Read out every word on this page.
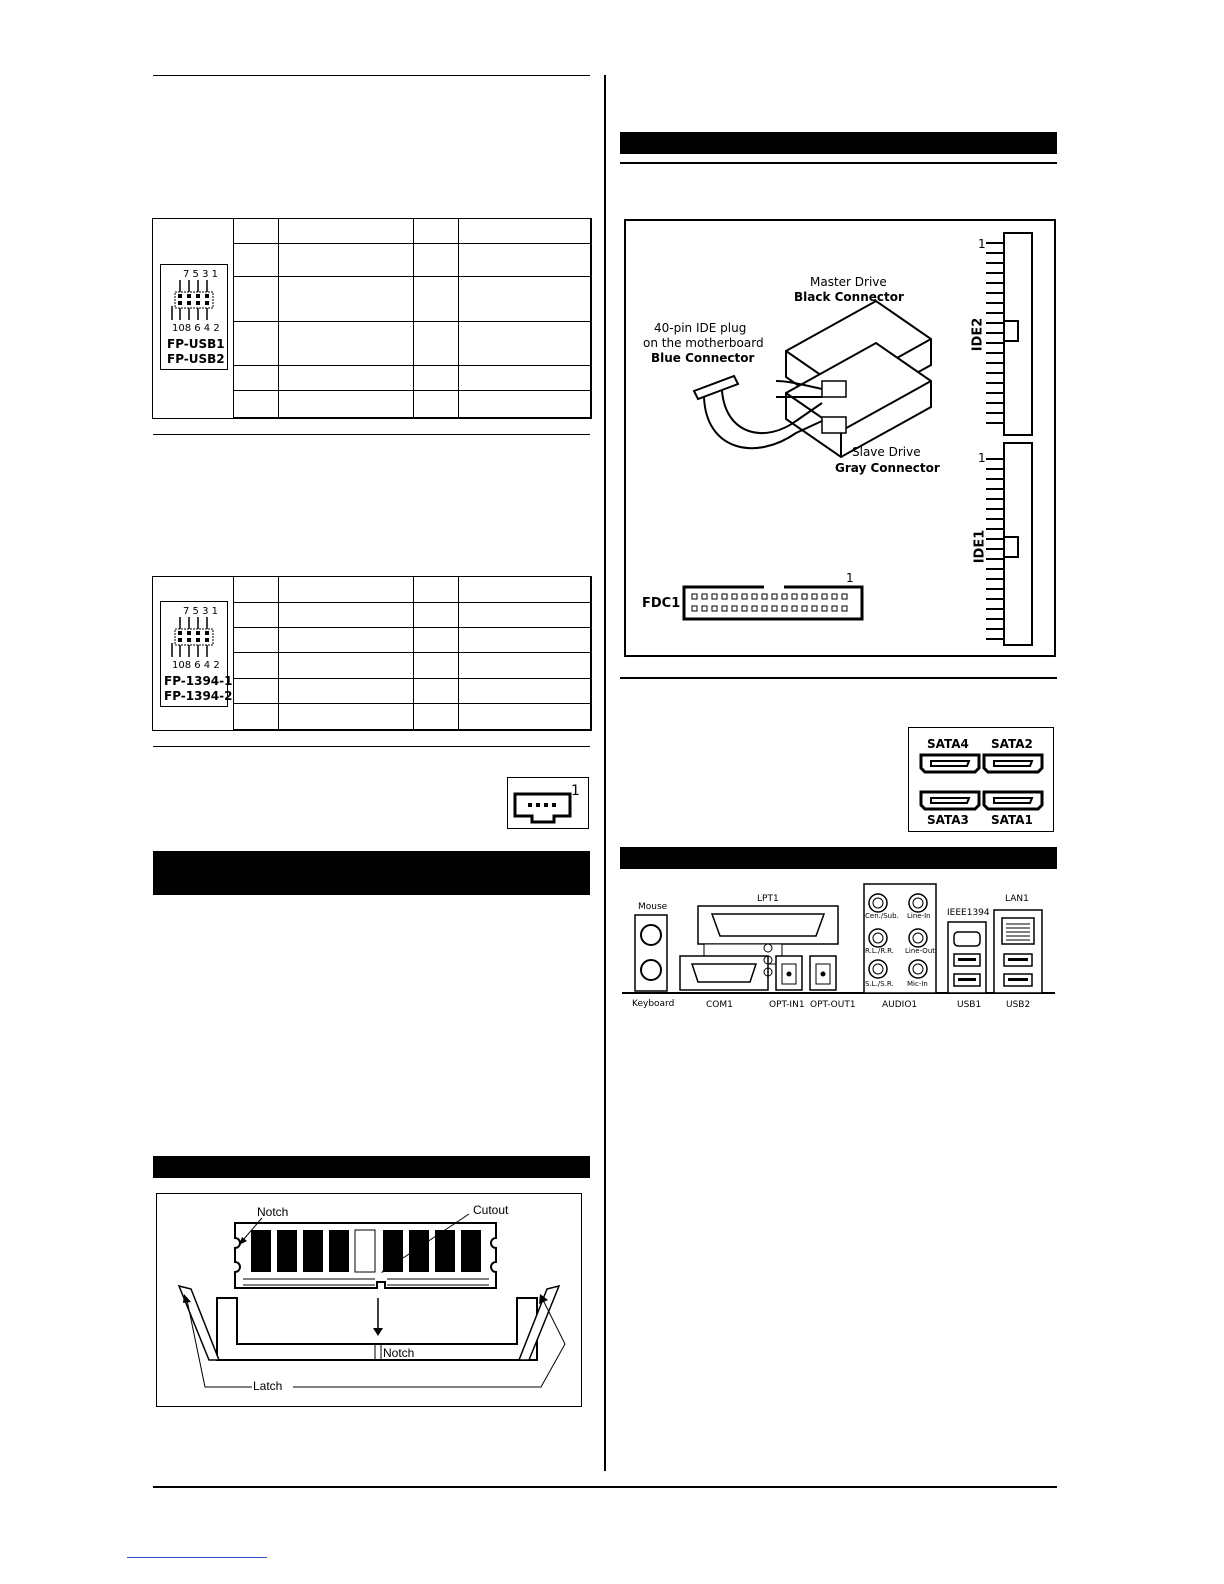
7 5 3 1
108 6 4 2
FP-USB1
FP-USB2

7 5 3 1
108 6 4 2
FP-1394-1
FP-1394-2
1
Notch	Cutout
Notch
Latch
1
IDE2
1
IDE1
Master Drive
Black Connector
40-pin IDE plug
on the motherboard
Blue Connector
Slave Drive
Gray Connector
1
FDC1
SATA4 SATA2
SATA3 SATA1
Mouse
Keyboard
LPT1
COM1	OPT-IN1 OPT-OUT1
Cen./Sub. Line-In
R.L./R.R. Line-Out
S.L./S.R. Mic-In
AUDIO1
IEEE1394
LAN1
USB1	USB2
